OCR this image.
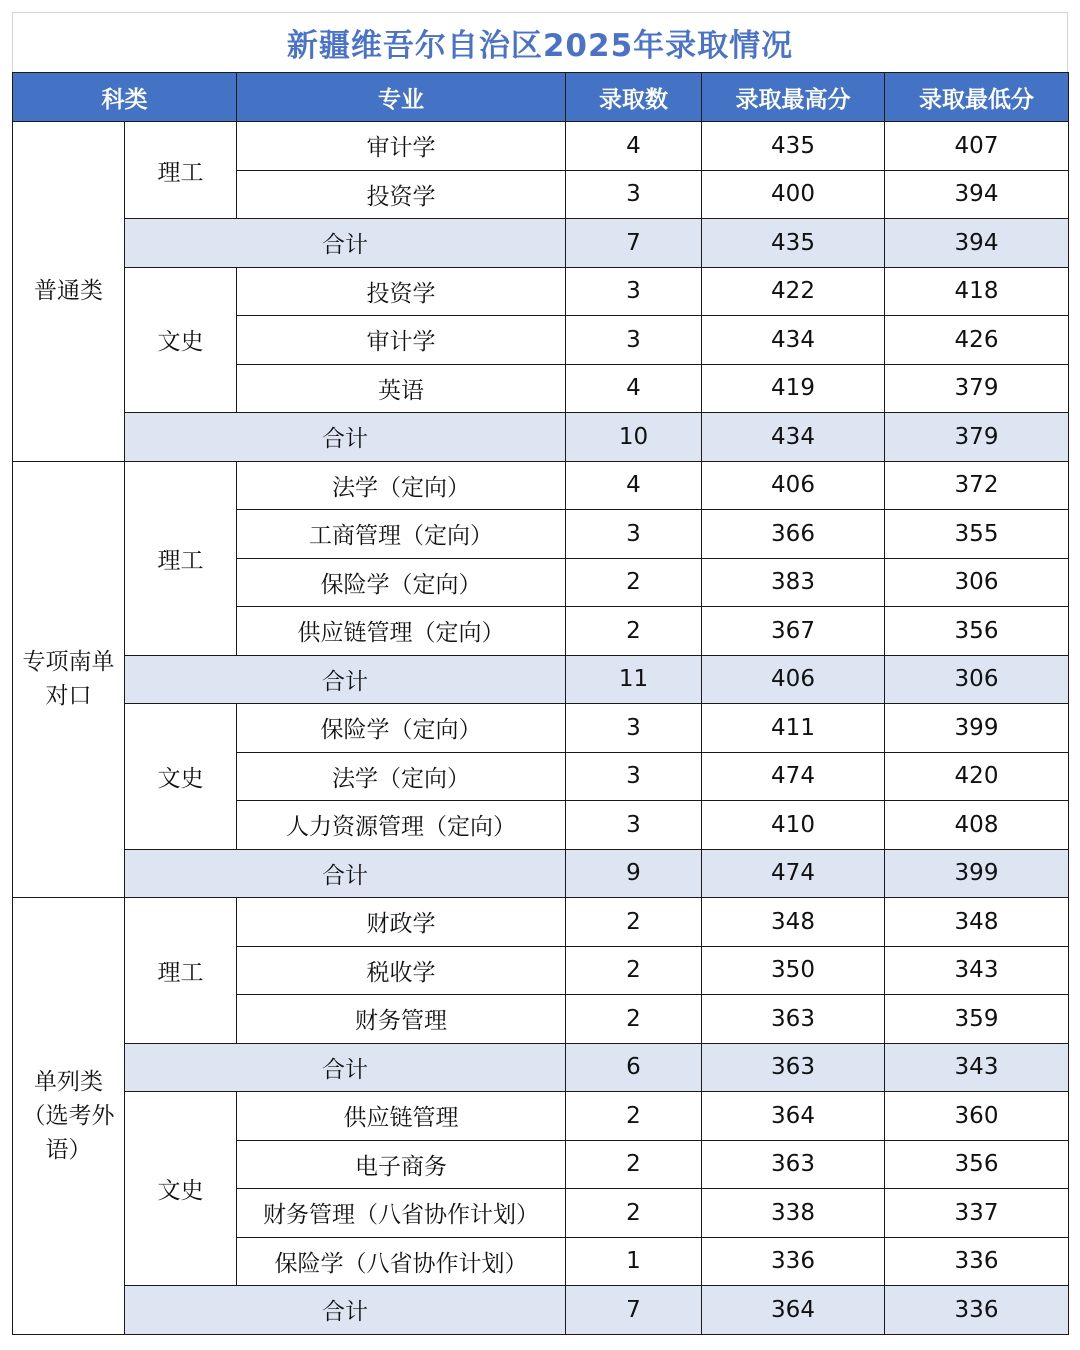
新疆维吾尔自治区2025年录取情况
科类		专业	录取数	录取最高分	录取最低分
普通类	理工	审计学	4	435	407
		投资学	3	400	394
	合计		7	435	394
	文史	投资学	3	422	418
		审计学	3	434	426
		英语	4	419	379
	合计		10	434	379
专项南单对口	理工	法学（定向）	4	406	372
		工商管理（定向）	3	366	355
		保险学（定向）	2	383	306
		供应链管理（定向）	2	367	356
	合计		11	406	306
	文史	保险学（定向）	3	411	399
		法学（定向）	3	474	420
		人力资源管理（定向）	3	410	408
	合计		9	474	399
单列类（选考外语）	理工	财政学	2	348	348
		税收学	2	350	343
		财务管理	2	363	359
	合计		6	363	343
	文史	供应链管理	2	364	360
		电子商务	2	363	356
		财务管理（八省协作计划）	2	338	337
		保险学（八省协作计划）	1	336	336
	合计		7	364	336
